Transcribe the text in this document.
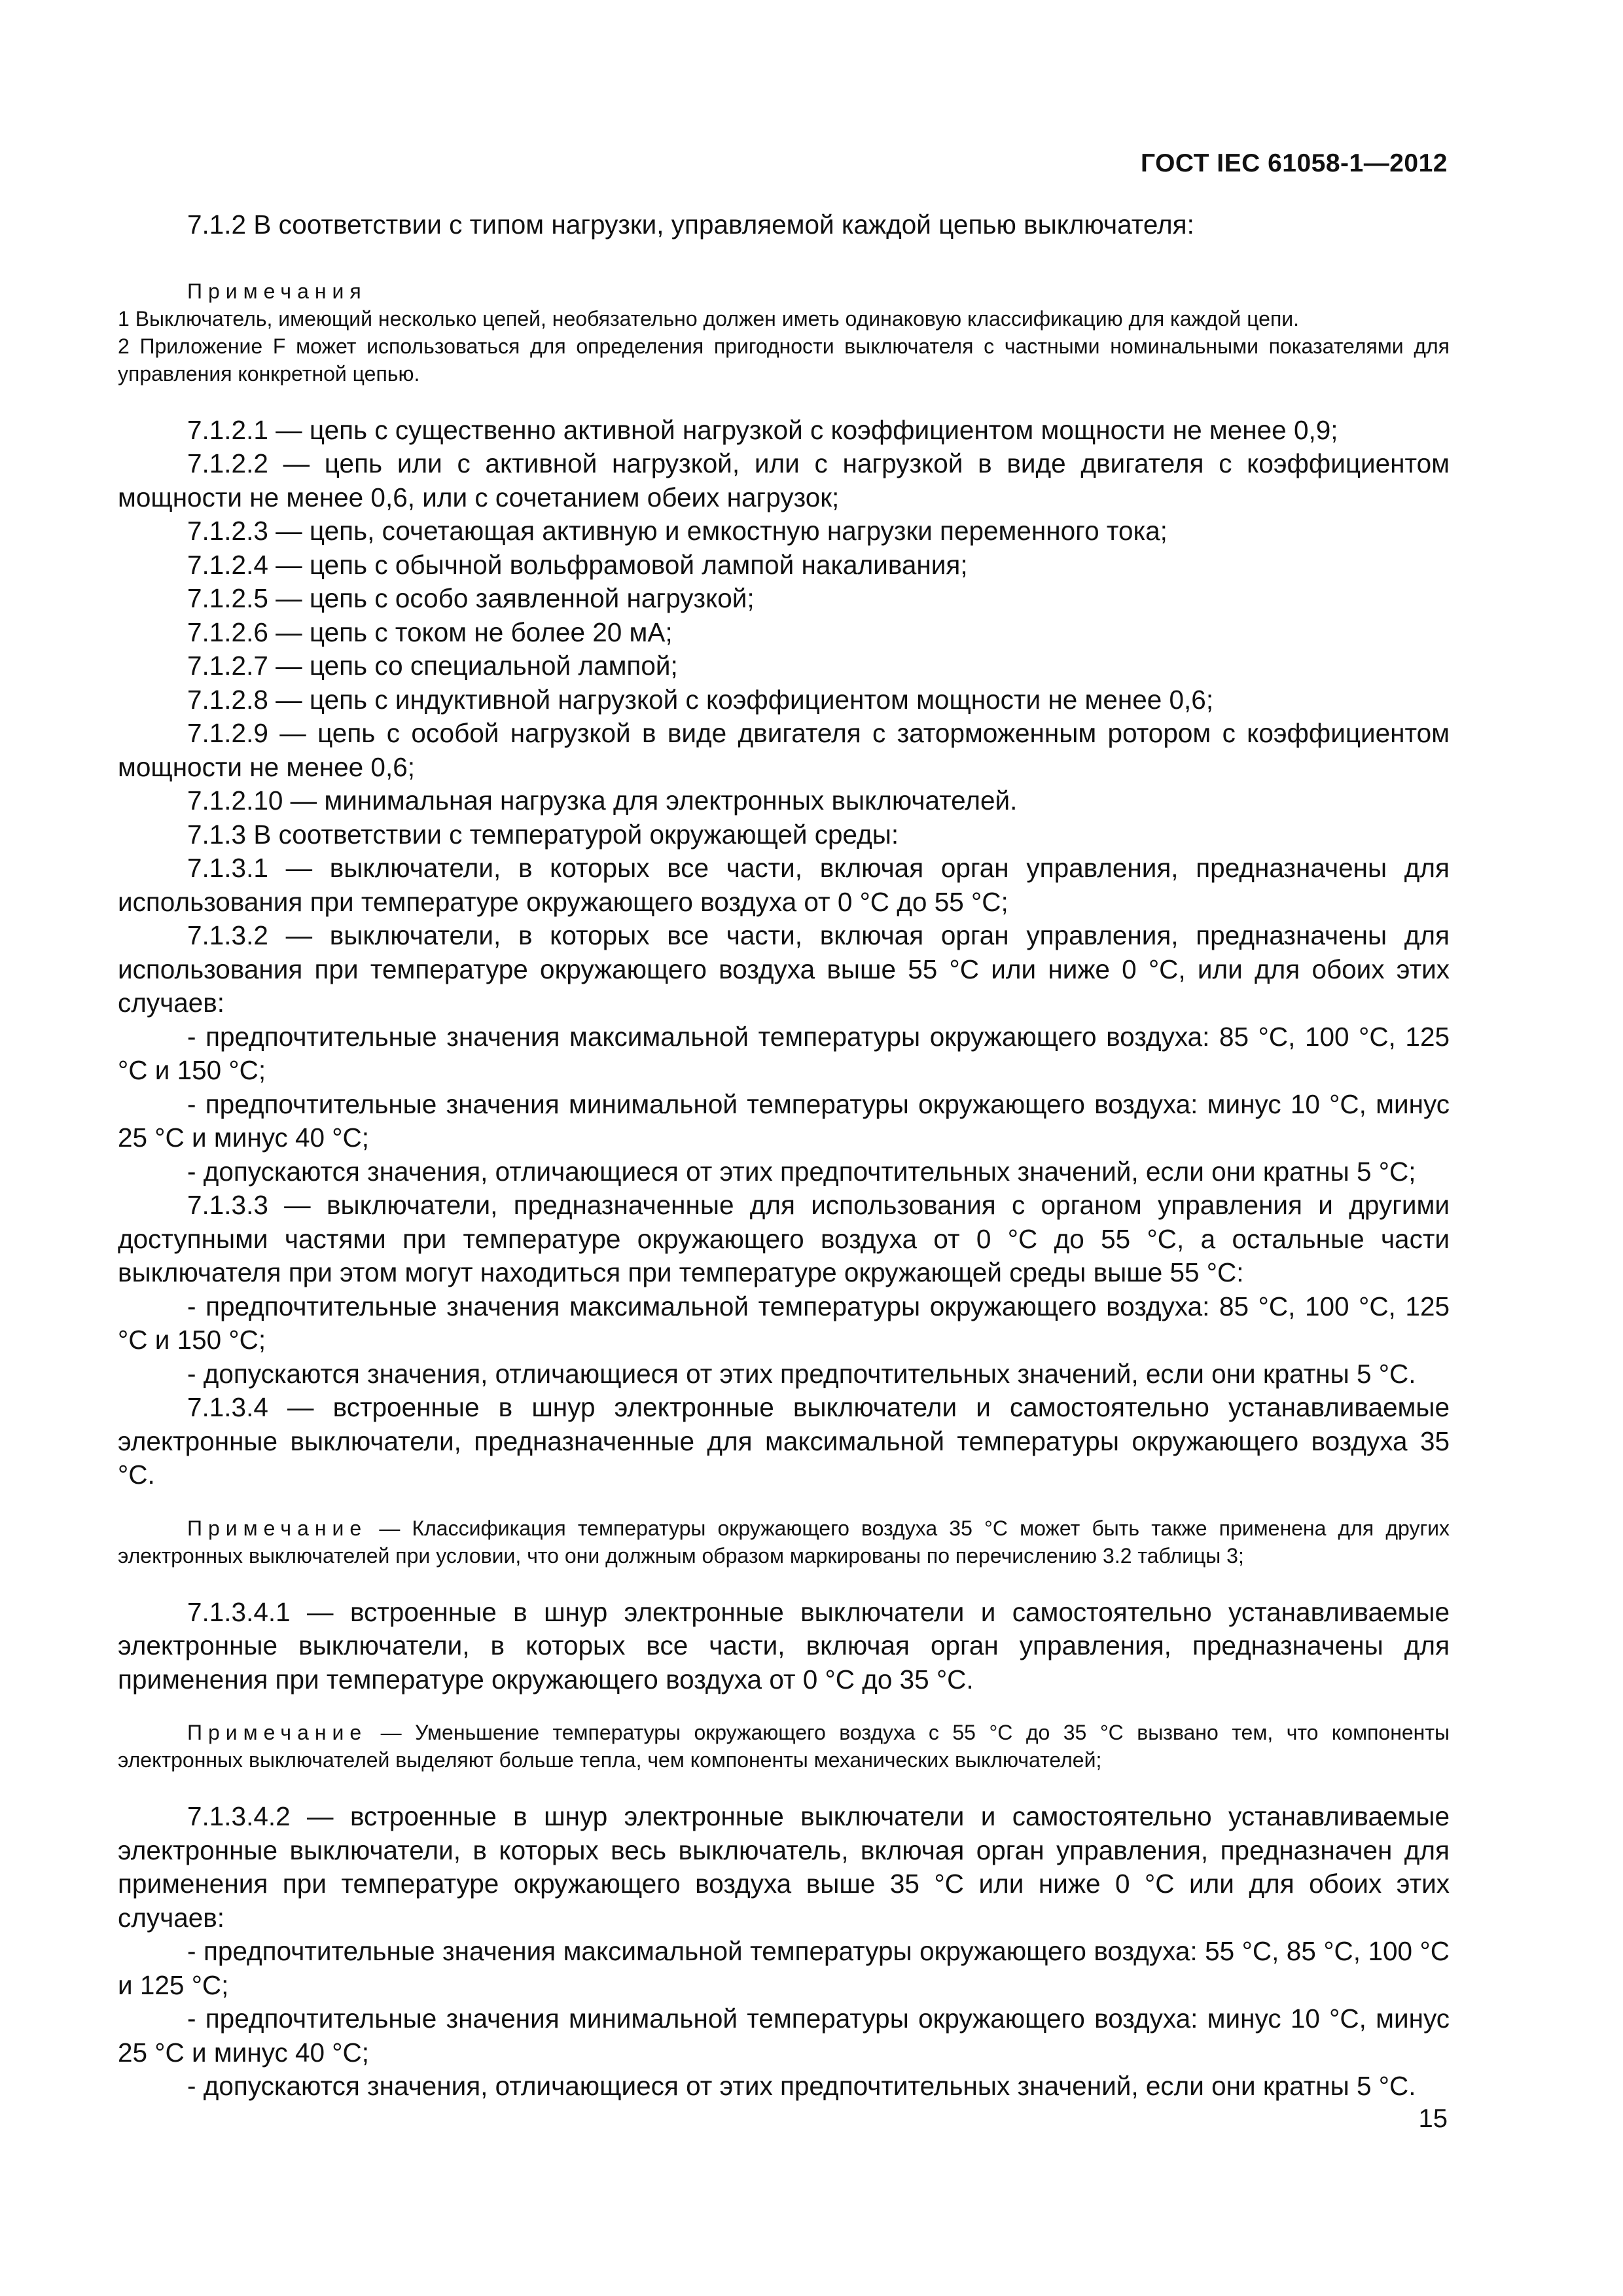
ГОСТ IEC 61058-1—2012

7.1.2 В соответствии с типом нагрузки, управляемой каждой цепью выключателя:

Примечания

1 Выключатель, имеющий несколько цепей, необязательно должен иметь одинаковую классификацию для каждой цепи.

2 Приложение F может использоваться для определения пригодности выключателя с частными номинальными показателями для управления конкретной цепью.

7.1.2.1 — цепь с существенно активной нагрузкой с коэффициентом мощности не менее 0,9;

7.1.2.2 — цепь или с активной нагрузкой, или с нагрузкой в виде двигателя с коэффициентом мощности не менее 0,6, или с сочетанием обеих нагрузок;

7.1.2.3 — цепь, сочетающая активную и емкостную нагрузки переменного тока;

7.1.2.4 — цепь с обычной вольфрамовой лампой накаливания;

7.1.2.5 — цепь с особо заявленной нагрузкой;

7.1.2.6 — цепь с током не более 20 мА;

7.1.2.7 — цепь со специальной лампой;

7.1.2.8 — цепь с индуктивной нагрузкой с коэффициентом мощности не менее 0,6;

7.1.2.9 — цепь с особой нагрузкой в виде двигателя с заторможенным ротором с коэффициентом мощности не менее 0,6;

7.1.2.10 — минимальная нагрузка для электронных выключателей.

7.1.3 В соответствии с температурой окружающей среды:

7.1.3.1 — выключатели, в которых все части, включая орган управления, предназначены для использования при температуре окружающего воздуха от 0 °C до 55 °C;

7.1.3.2 — выключатели, в которых все части, включая орган управления, предназначены для использования при температуре окружающего воздуха выше 55 °C или ниже 0 °C, или для обоих этих случаев:

- предпочтительные значения максимальной температуры окружающего воздуха: 85 °C, 100 °C, 125 °C и 150 °C;

- предпочтительные значения минимальной температуры окружающего воздуха: минус 10 °C, минус 25 °C и минус 40 °C;

- допускаются значения, отличающиеся от этих предпочтительных значений, если они кратны 5 °C;

7.1.3.3 — выключатели, предназначенные для использования с органом управления и другими доступными частями при температуре окружающего воздуха от 0 °C до 55 °C, а остальные части выключателя при этом могут находиться при температуре окружающей среды выше 55 °C:

- предпочтительные значения максимальной температуры окружающего воздуха: 85 °C, 100 °C, 125 °C и 150 °C;

- допускаются значения, отличающиеся от этих предпочтительных значений, если они кратны 5 °C.

7.1.3.4 — встроенные в шнур электронные выключатели и самостоятельно устанавливаемые электронные выключатели, предназначенные для максимальной температуры окружающего воздуха 35 °C.

Примечание — Классификация температуры окружающего воздуха 35 °C может быть также применена для других электронных выключателей при условии, что они должным образом маркированы по перечислению 3.2 таблицы 3;

7.1.3.4.1 — встроенные в шнур электронные выключатели и самостоятельно устанавливаемые электронные выключатели, в которых все части, включая орган управления, предназначены для применения при температуре окружающего воздуха от 0 °C до 35 °C.

Примечание — Уменьшение температуры окружающего воздуха с 55 °C до 35 °C вызвано тем, что компоненты электронных выключателей выделяют больше тепла, чем компоненты механических выключателей;

7.1.3.4.2 — встроенные в шнур электронные выключатели и самостоятельно устанавливаемые электронные выключатели, в которых весь выключатель, включая орган управления, предназначен для применения при температуре окружающего воздуха выше 35 °C или ниже 0 °C или для обоих этих случаев:

- предпочтительные значения максимальной температуры окружающего воздуха: 55 °C, 85 °C, 100 °C и 125 °C;

- предпочтительные значения минимальной температуры окружающего воздуха: минус 10 °C, минус 25 °C и минус 40 °C;

- допускаются значения, отличающиеся от этих предпочтительных значений, если они кратны 5 °C.

15
